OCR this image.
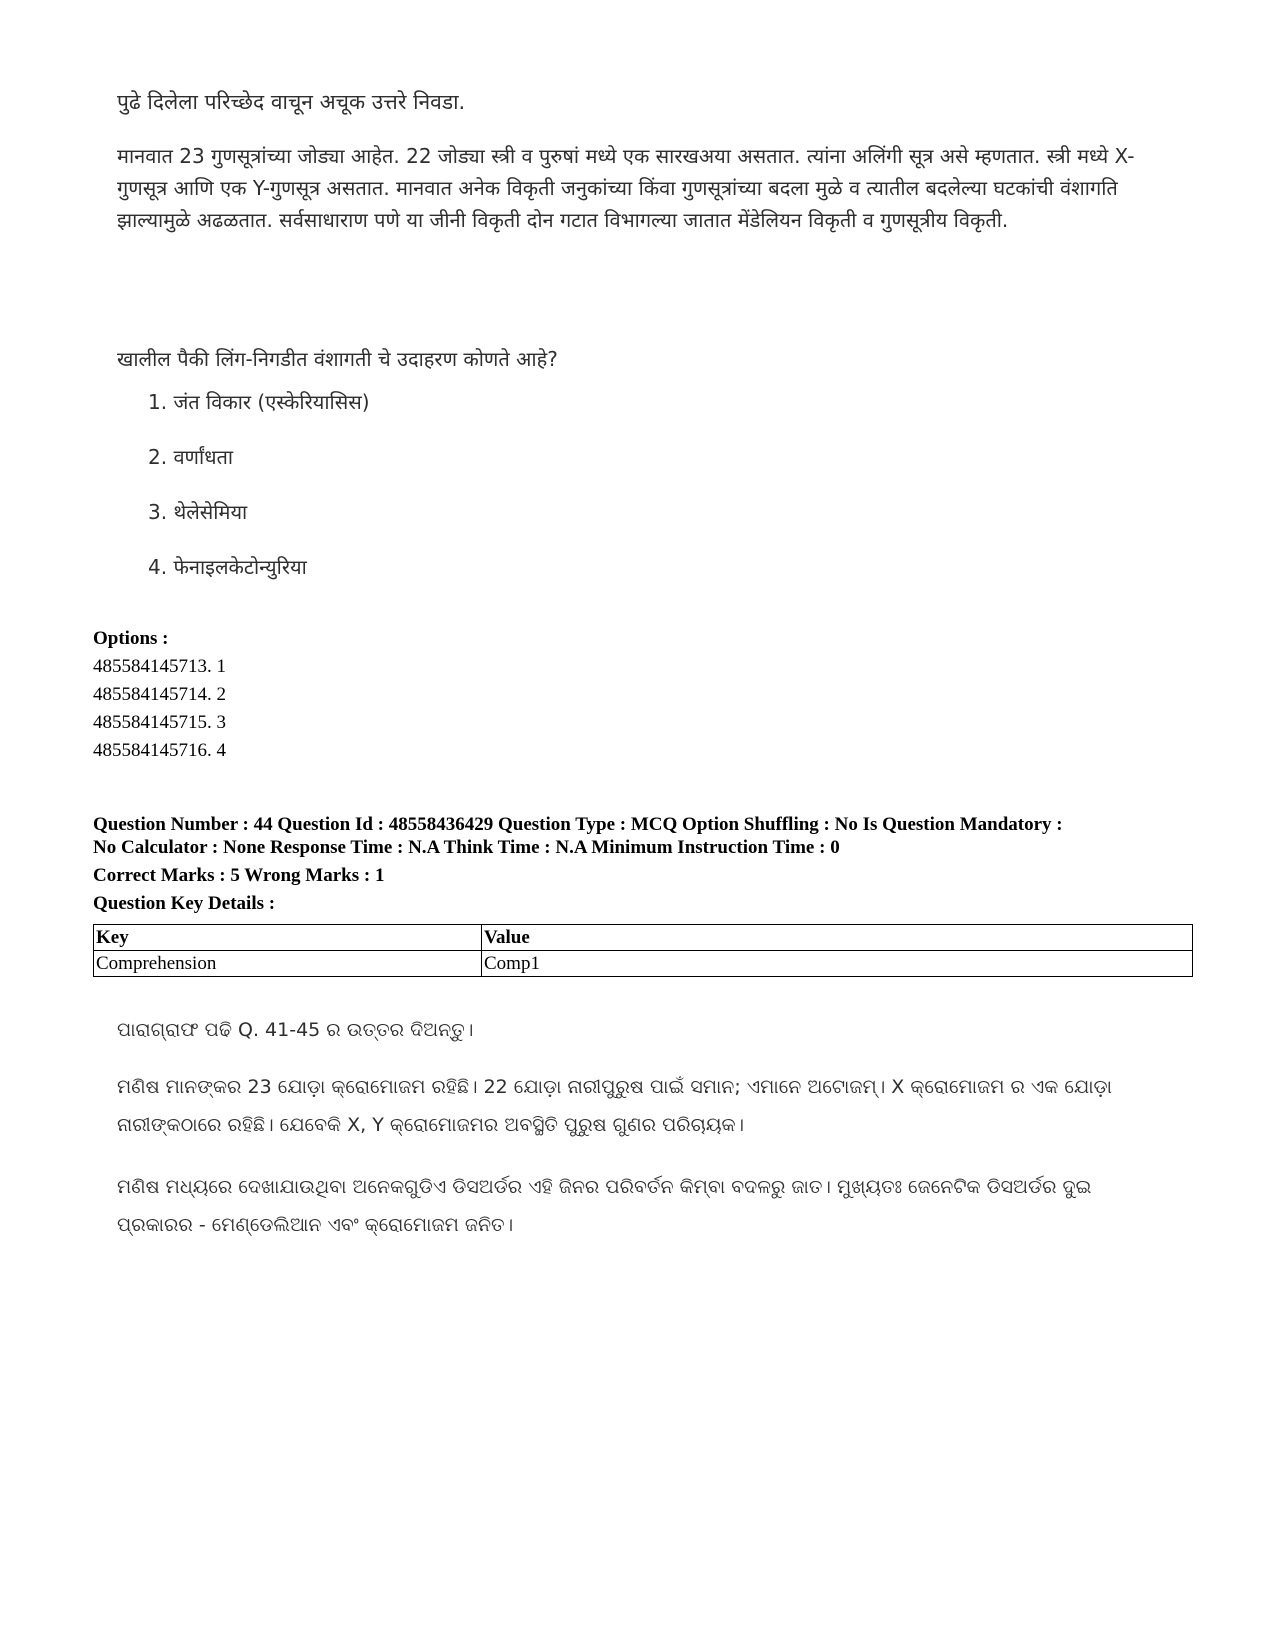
पुढे दिलेला परिच्छेद वाचून अचूक उत्तरे निवडा.
मानवात 23 गुणसूत्रांच्या जोड्या आहेत. 22 जोड्या स्त्री व पुरुषां मध्ये एक सारखअया असतात. त्यांना अलिंगी सूत्र असे म्हणतात. स्त्री मध्ये X-गुणसूत्र आणि एक Y-गुणसूत्र असतात. मानवात अनेक विकृती जनुकांच्या किंवा गुणसूत्रांच्या बदला मुळे व त्यातील बदलेल्या घटकांची वंशागति झाल्यामुळे अढळतात. सर्वसाधाराण पणे या जीनी विकृती दोन गटात विभागल्या जातात मेंडेलियन विकृती व गुणसूत्रीय विकृती.
खालील पैकी लिंग-निगडीत वंशागती चे उदाहरण कोणते आहे?
1. जंत विकार (एस्केरियासिस)
2. वर्णांधता
3. थेलेसेमिया
4. फेनाइलकेटोन्युरिया
Options :
485584145713. 1
485584145714. 2
485584145715. 3
485584145716. 4
Question Number : 44 Question Id : 48558436429 Question Type : MCQ Option Shuffling : No Is Question Mandatory :
No Calculator : None Response Time : N.A Think Time : N.A Minimum Instruction Time : 0
Correct Marks : 5 Wrong Marks : 1
Question Key Details :
Key	Value
Comprehension	Comp1
ପାରାଗ୍ରାଫ ପଢି Q. 41-45 ର ଉତ୍ତର ଦିଅନ୍ତୁ।
ମଣିଷ ମାନଙ୍କର 23 ଯୋଡ଼ା କ୍ରୋମୋଜମ ରହିଛି। 22 ଯୋଡ଼ା ନାରୀପୁରୁଷ ପାଇଁ ସମାନ; ଏମାନେ ଅଟୋଜମ୍। X କ୍ରୋମୋଜମ ର ଏକ ଯୋଡ଼ା ନାରୀଙ୍କଠାରେ ରହିଛି। ଯେବେକି X, Y କ୍ରୋମୋଜମର ଅବସ୍ଥିତି ପୁରୁଷ ଗୁଣର ପରିଚାୟକ।
ମଣିଷ ମଧ୍ୟରେ ଦେଖାଯାଉଥିବା ଅନେକଗୁଡିଏ ଡିସଅର୍ଡର ଏହି ଜିନର ପରିବର୍ତନ କିମ୍ବା ବଦଳରୁ ଜାତ। ମୁଖ୍ୟତଃ ଜେନେଟିକ ଡିସଅର୍ଡର ଦୁଇ ପ୍ରକାରର - ମେଣ୍ଡେଲିଆନ ଏବଂ କ୍ରୋମୋଜମ ଜନିତ।
